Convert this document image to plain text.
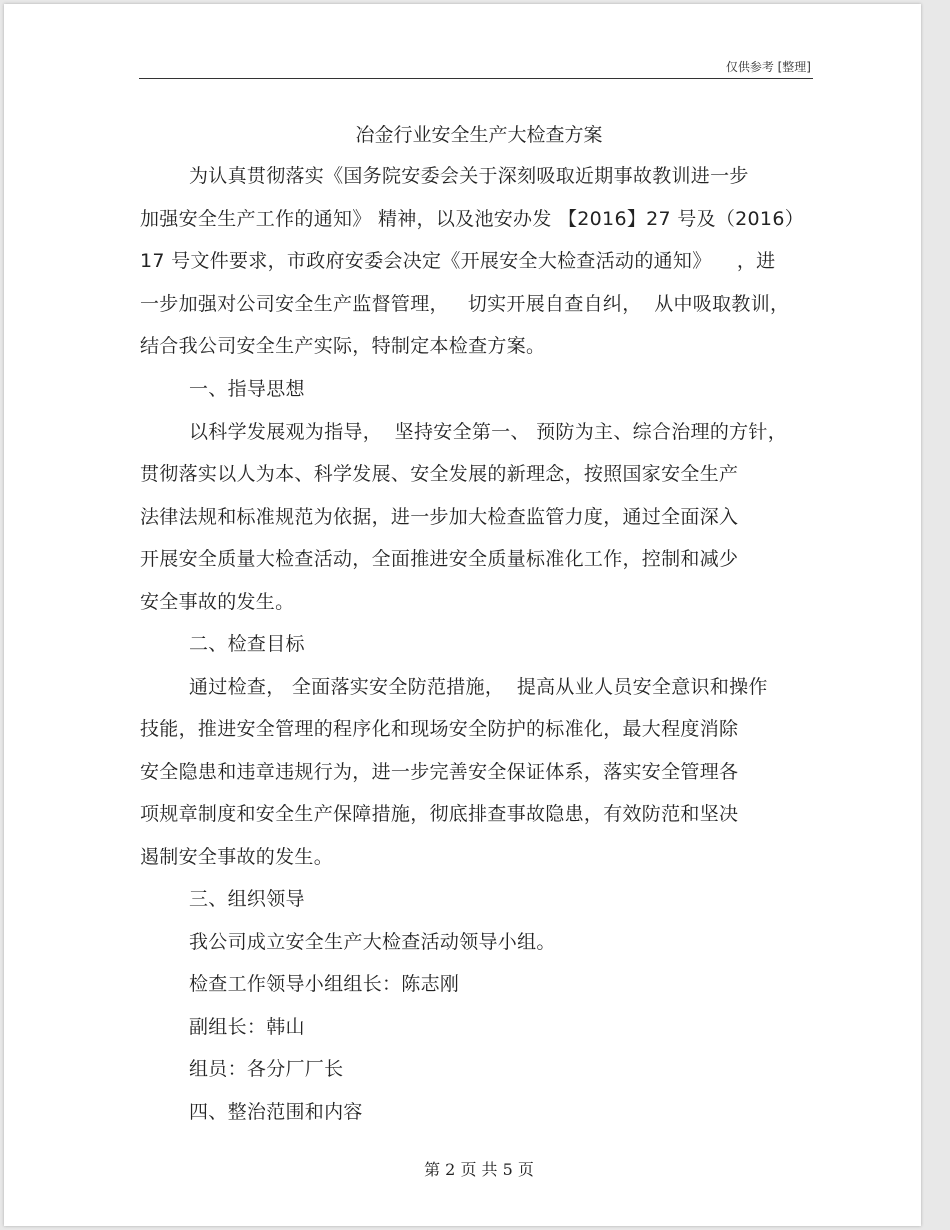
仅供参考 [整理]
冶金行业安全生产大检查方案
为认真贯彻落实《国务院安委会关于深刻吸取近期事故教训进一步
加强安全生产工作的通知》 精神，以及池安办发 【2016】27 号及（2016）
17 号文件要求，市政府安委会决定《开展安全大检查活动的通知》    ，进
一步加强对公司安全生产监督管理，   切实开展自查自纠，  从中吸取教训，
结合我公司安全生产实际，特制定本检查方案。
一、指导思想
以科学发展观为指导，  坚持安全第一、 预防为主、综合治理的方针，
贯彻落实以人为本、科学发展、安全发展的新理念，按照国家安全生产
法律法规和标准规范为依据，进一步加大检查监管力度，通过全面深入
开展安全质量大检查活动，全面推进安全质量标准化工作，控制和减少
安全事故的发生。
二、检查目标
通过检查， 全面落实安全防范措施，  提高从业人员安全意识和操作
技能，推进安全管理的程序化和现场安全防护的标准化，最大程度消除
安全隐患和违章违规行为，进一步完善安全保证体系，落实安全管理各
项规章制度和安全生产保障措施，彻底排查事故隐患，有效防范和坚决
遏制安全事故的发生。
三、组织领导
我公司成立安全生产大检查活动领导小组。
检查工作领导小组组长：陈志刚
副组长：韩山
组员：各分厂厂长
四、整治范围和内容
第 2 页 共 5 页
